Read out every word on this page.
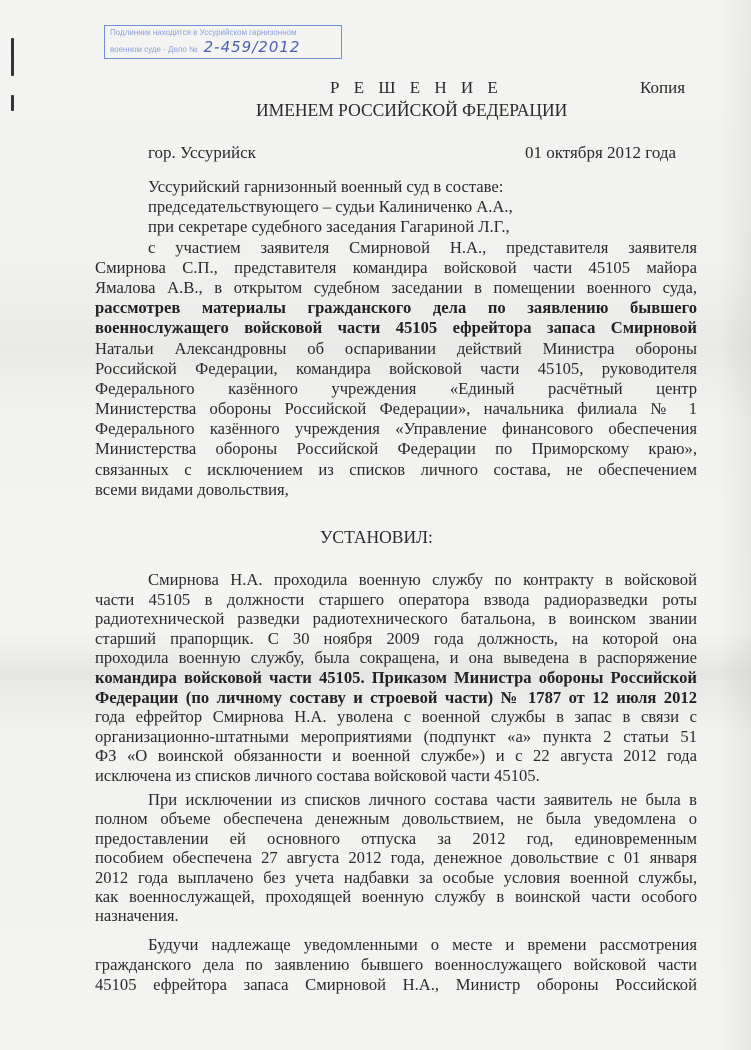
Подлинник находится в Уссурийском гарнизонном
военном суде - Дело № 2-459/2012
Р Е Ш Е Н И Е	Копия
ИМЕНЕМ РОССИЙСКОЙ ФЕДЕРАЦИИ
гор. Уссурийск	01 октября 2012 года
Уссурийский гарнизонный военный суд в составе:
председательствующего – судьи Калиниченко А.А.,
при секретаре судебного заседания Гагариной Л.Г.,
с участием заявителя Смирновой Н.А., представителя заявителя
Смирнова С.П., представителя командира войсковой части 45105 майора
Ямалова А.В., в открытом судебном заседании в помещении военного суда,
рассмотрев материалы гражданского дела по заявлению бывшего
военнослужащего войсковой части 45105 ефрейтора запаса Смирновой
Натальи Александровны об оспаривании действий Министра обороны
Российской Федерации, командира войсковой части 45105, руководителя
Федерального казённого учреждения «Единый расчётный центр
Министерства обороны Российской Федерации», начальника филиала № 1
Федерального казённого учреждения «Управление финансового обеспечения
Министерства обороны Российской Федерации по Приморскому краю»,
связанных с исключением из списков личного состава, не обеспечением
всеми видами довольствия,
УСТАНОВИЛ:
Смирнова Н.А. проходила военную службу по контракту в войсковой
части 45105 в должности старшего оператора взвода радиоразведки роты
радиотехнической разведки радиотехнического батальона, в воинском звании
старший прапорщик. С 30 ноября 2009 года должность, на которой она
проходила военную службу, была сокращена, и она выведена в распоряжение
командира войсковой части 45105. Приказом Министра обороны Российской
Федерации (по личному составу и строевой части) № 1787 от 12 июля 2012
года ефрейтор Смирнова Н.А. уволена с военной службы в запас в связи с
организационно-штатными мероприятиями (подпункт «а» пункта 2 статьи 51
ФЗ «О воинской обязанности и военной службе») и с 22 августа 2012 года
исключена из списков личного состава войсковой части 45105.
При исключении из списков личного состава части заявитель не была в
полном объеме обеспечена денежным довольствием, не была уведомлена о
предоставлении ей основного отпуска за 2012 год, единовременным
пособием обеспечена 27 августа 2012 года, денежное довольствие с 01 января
2012 года выплачено без учета надбавки за особые условия военной службы,
как военнослужащей, проходящей военную службу в воинской части особого
назначения.
Будучи надлежаще уведомленными о месте и времени рассмотрения
гражданского дела по заявлению бывшего военнослужащего войсковой части
45105 ефрейтора запаса Смирновой Н.А., Министр обороны Российской
